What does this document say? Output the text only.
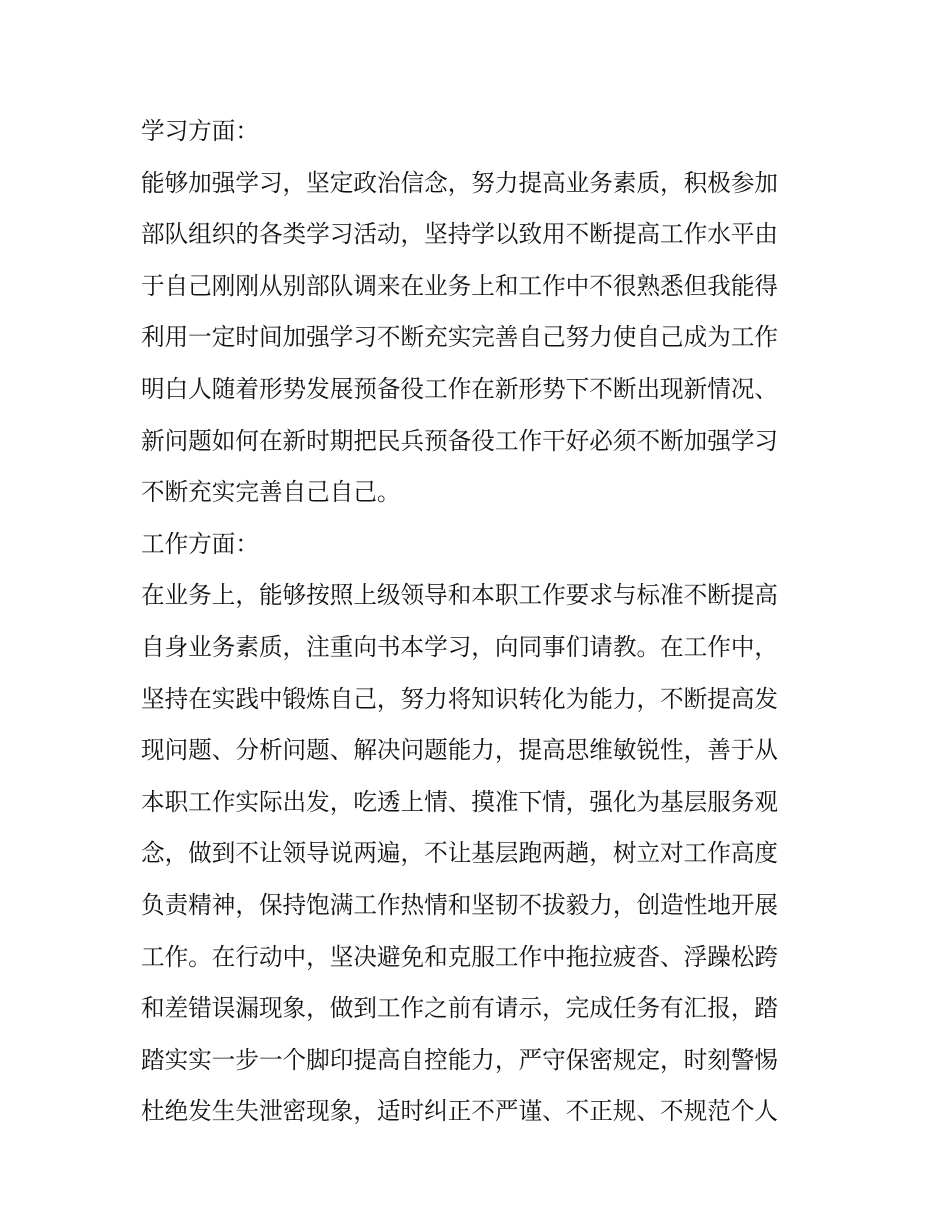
学习方面：
能够加强学习，坚定政治信念，努力提高业务素质，积极参加
部队组织的各类学习活动，坚持学以致用不断提高工作水平由
于自己刚刚从别部队调来在业务上和工作中不很熟悉但我能得
利用一定时间加强学习不断充实完善自己努力使自己成为工作
明白人随着形势发展预备役工作在新形势下不断出现新情况、
新问题如何在新时期把民兵预备役工作干好必须不断加强学习
不断充实完善自己自己。
工作方面：
在业务上，能够按照上级领导和本职工作要求与标准不断提高
自身业务素质，注重向书本学习，向同事们请教。在工作中，
坚持在实践中锻炼自己，努力将知识转化为能力，不断提高发
现问题、分析问题、解决问题能力，提高思维敏锐性，善于从
本职工作实际出发，吃透上情、摸准下情，强化为基层服务观
念，做到不让领导说两遍，不让基层跑两趟，树立对工作高度
负责精神，保持饱满工作热情和坚韧不拔毅力，创造性地开展
工作。在行动中，坚决避免和克服工作中拖拉疲沓、浮躁松跨
和差错误漏现象，做到工作之前有请示，完成任务有汇报，踏
踏实实一步一个脚印提高自控能力，严守保密规定，时刻警惕
杜绝发生失泄密现象，适时纠正不严谨、不正规、不规范个人
